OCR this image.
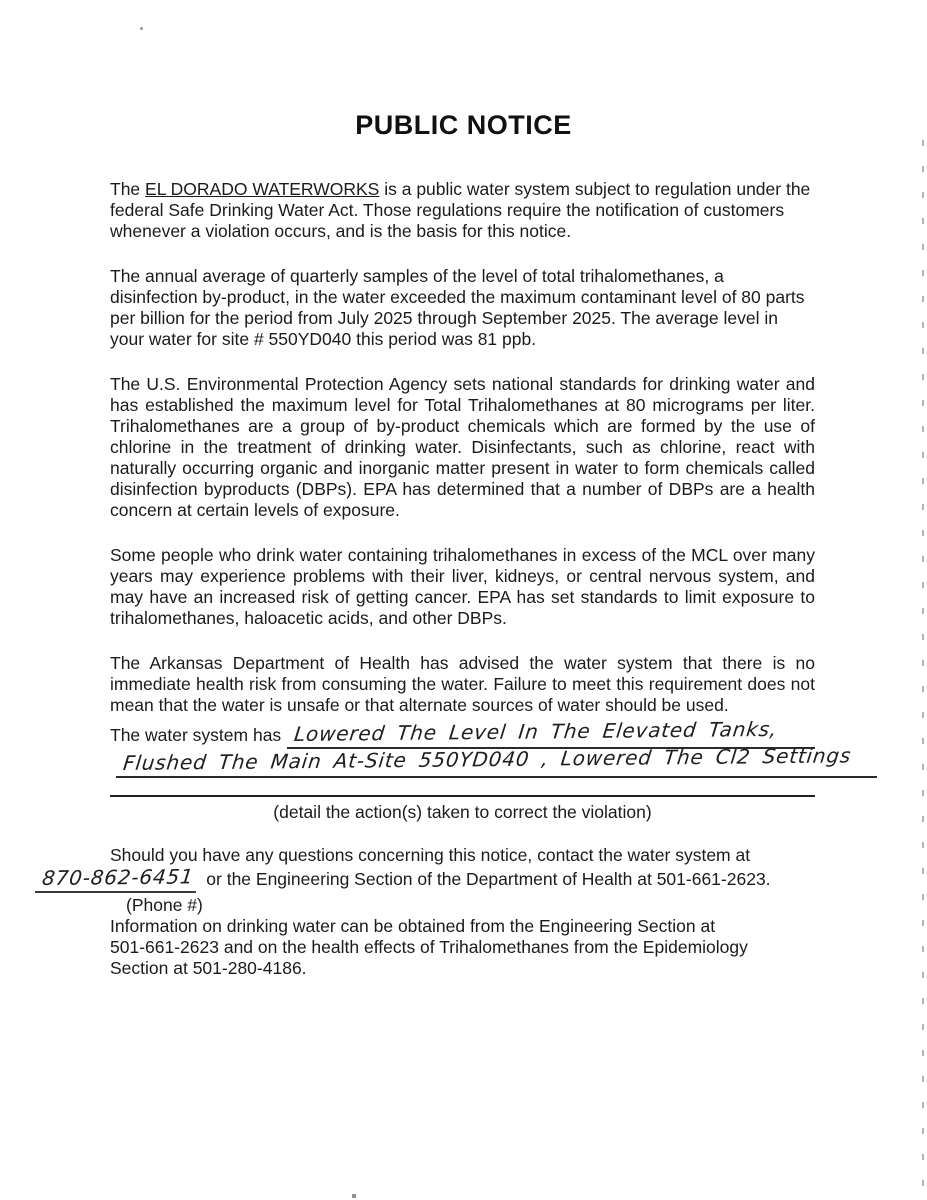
PUBLIC NOTICE

The EL DORADO WATERWORKS is a public water system subject to regulation under the federal Safe Drinking Water Act. Those regulations require the notification of customers whenever a violation occurs, and is the basis for this notice.

The annual average of quarterly samples of the level of total trihalomethanes, a disinfection by-product, in the water exceeded the maximum contaminant level of 80 parts per billion for the period from July 2025 through September 2025. The average level in your water for site # 550YD040 this period was 81 ppb.

The U.S. Environmental Protection Agency sets national standards for drinking water and has established the maximum level for Total Trihalomethanes at 80 micrograms per liter. Trihalomethanes are a group of by-product chemicals which are formed by the use of chlorine in the treatment of drinking water. Disinfectants, such as chlorine, react with naturally occurring organic and inorganic matter present in water to form chemicals called disinfection byproducts (DBPs). EPA has determined that a number of DBPs are a health concern at certain levels of exposure.

Some people who drink water containing trihalomethanes in excess of the MCL over many years may experience problems with their liver, kidneys, or central nervous system, and may have an increased risk of getting cancer. EPA has set standards to limit exposure to trihalomethanes, haloacetic acids, and other DBPs.

The Arkansas Department of Health has advised the water system that there is no immediate health risk from consuming the water. Failure to meet this requirement does not mean that the water is unsafe or that alternate sources of water should be used.

The water system has Lowered The Level In The Elevated Tanks,
Flushed The Main At-Site 550YD040 , Lowered The Cl2 Settings
(detail the action(s) taken to correct the violation)
Should you have any questions concerning this notice, contact the water system at
870-862-6451 or the Engineering Section of the Department of Health at 501-661-2623.
(Phone #)
Information on drinking water can be obtained from the Engineering Section at
501-661-2623 and on the health effects of Trihalomethanes from the Epidemiology
Section at 501-280-4186.
